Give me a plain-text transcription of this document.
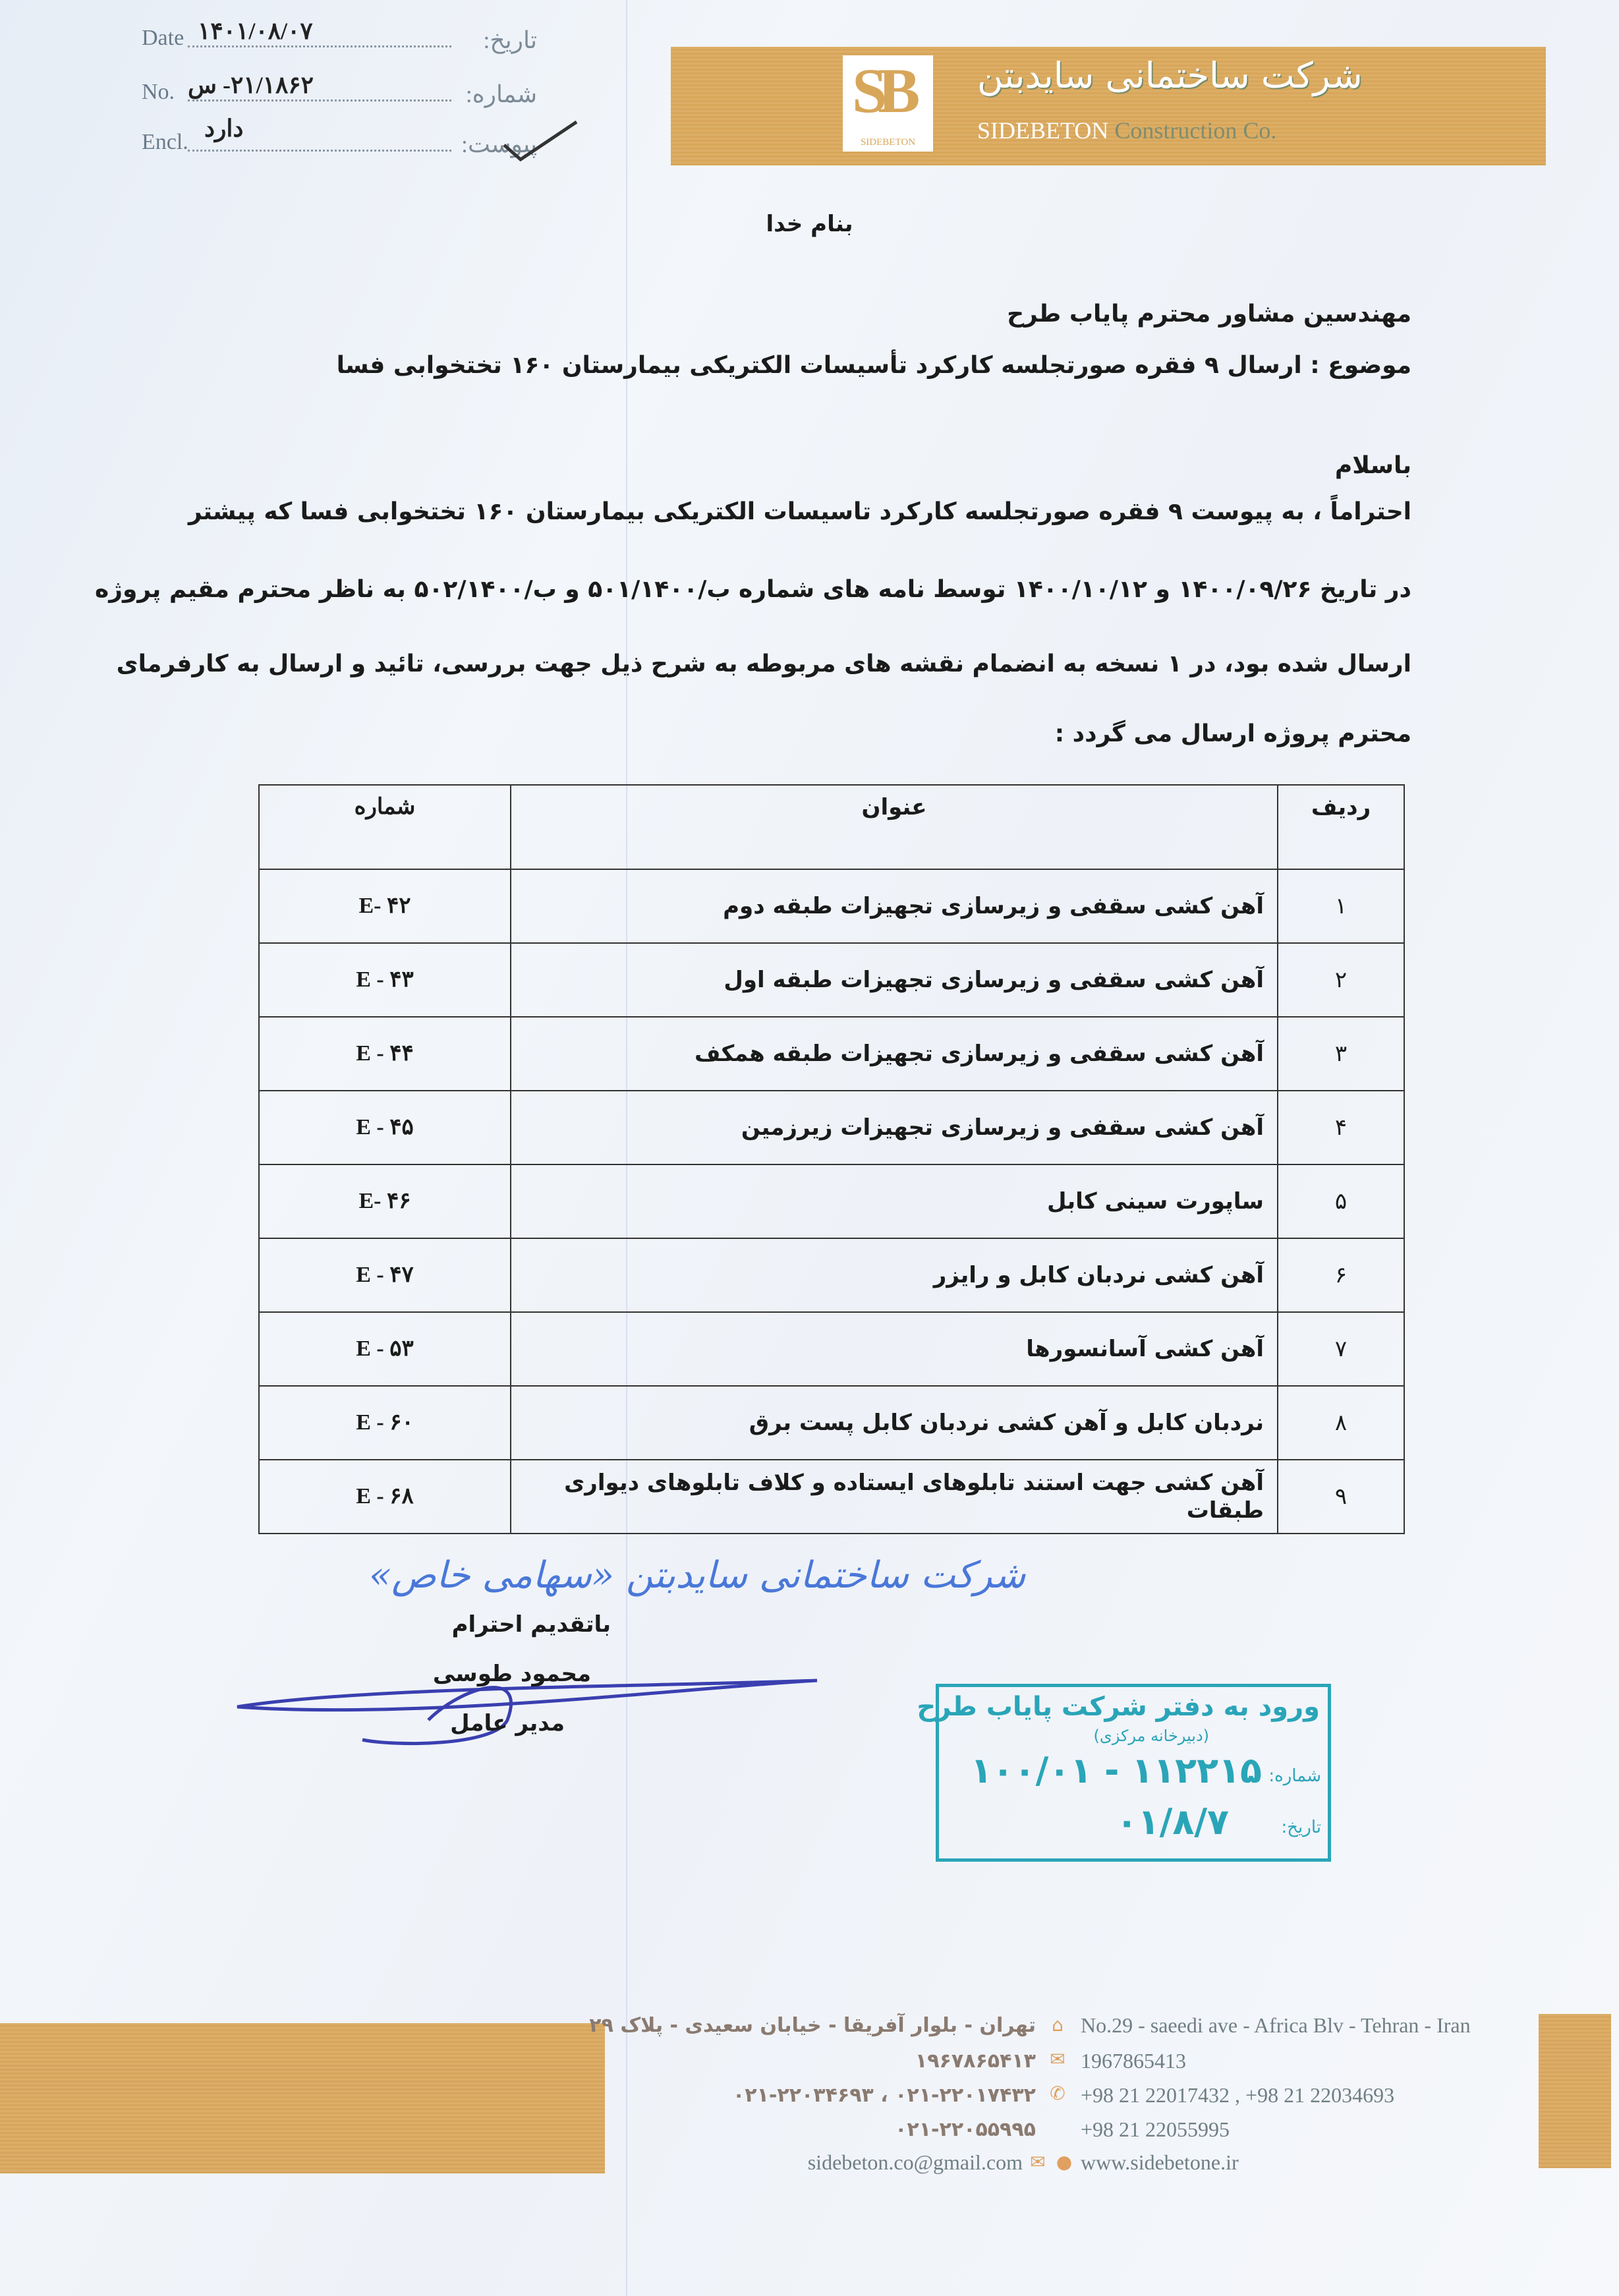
Date ۱۴۰۱/۰۸/۰۷	تاریخ:
No. ۲۱/۱۸۶۲- س	شماره:
Encl. دارد
پیوست:
SB
SIDEBETON
شرکت ساختمانی سایدبتن
SIDEBETON Construction Co.
بنام خدا
مهندسین مشاور محترم پایاب طرح
موضوع : ارسال ۹ فقره صورتجلسه کارکرد تأسیسات الکتریکی بیمارستان ۱۶۰ تختخوابی فسا
باسلام
احتراماً ، به پیوست ۹ فقره صورتجلسه کارکرد تاسیسات الکتریکی بیمارستان ۱۶۰ تختخوابی فسا که پیشتر
در تاریخ ۱۴۰۰/۰۹/۲۶ و ۱۴۰۰/۱۰/۱۲ توسط نامه های شماره ب/۵۰۱/۱۴۰۰ و ب/۵۰۲/۱۴۰۰ به ناظر محترم مقیم پروژه
ارسال شده بود، در ۱ نسخه به انضمام نقشه های مربوطه به شرح ذیل جهت بررسی، تائید و ارسال به کارفرمای
محترم پروژه ارسال می گردد :
ردیف	عنوان	شماره
۱	آهن کشی سقفی و زیرسازی تجهیزات طبقه دوم	E- ۴۲
۲	آهن کشی سقفی و زیرسازی تجهیزات طبقه اول	E - ۴۳
۳	آهن کشی سقفی و زیرسازی تجهیزات طبقه همکف	E - ۴۴
۴	آهن کشی سقفی و زیرسازی تجهیزات زیرزمین	E - ۴۵
۵	ساپورت سینی کابل	E- ۴۶
۶	آهن کشی نردبان کابل و رایزر	E - ۴۷
۷	آهن کشی آسانسورها	E - ۵۳
۸	نردبان کابل و آهن کشی نردبان کابل پست برق	E - ۶۰
۹	آهن کشی جهت استند تابلوهای ایستاده و کلاف تابلوهای دیواری طبقات	E - ۶۸
شرکت ساختمانی سایدبتن «سهامی خاص»
باتقدیم احترام
محمود طوسی
مدیر عامل
ورود به دفتر شرکت پایاب طرح
(دبیرخانه مرکزی)
شماره:
۱۰۰/۰۱ - ۱۱۲۲۱۵
تاریخ:
۰۱/۸/۷
تهران - بلوار آفریقا - خیابان سعیدی - پلاک ۲۹ ⌂ No.29 - saeedi ave - Africa Blv - Tehran - Iran
۱۹۶۷۸۶۵۴۱۳ ✉ 1967865413
۰۲۱-۲۲۰۱۷۴۳۲ ، ۰۲۱-۲۲۰۳۴۶۹۳ ✆ +98 21 22017432 , +98 21 22034693
۰۲۱-۲۲۰۵۵۹۹۵ +98 21 22055995
sidebeton.co@gmail.com ✉ ● www.sidebetone.ir
